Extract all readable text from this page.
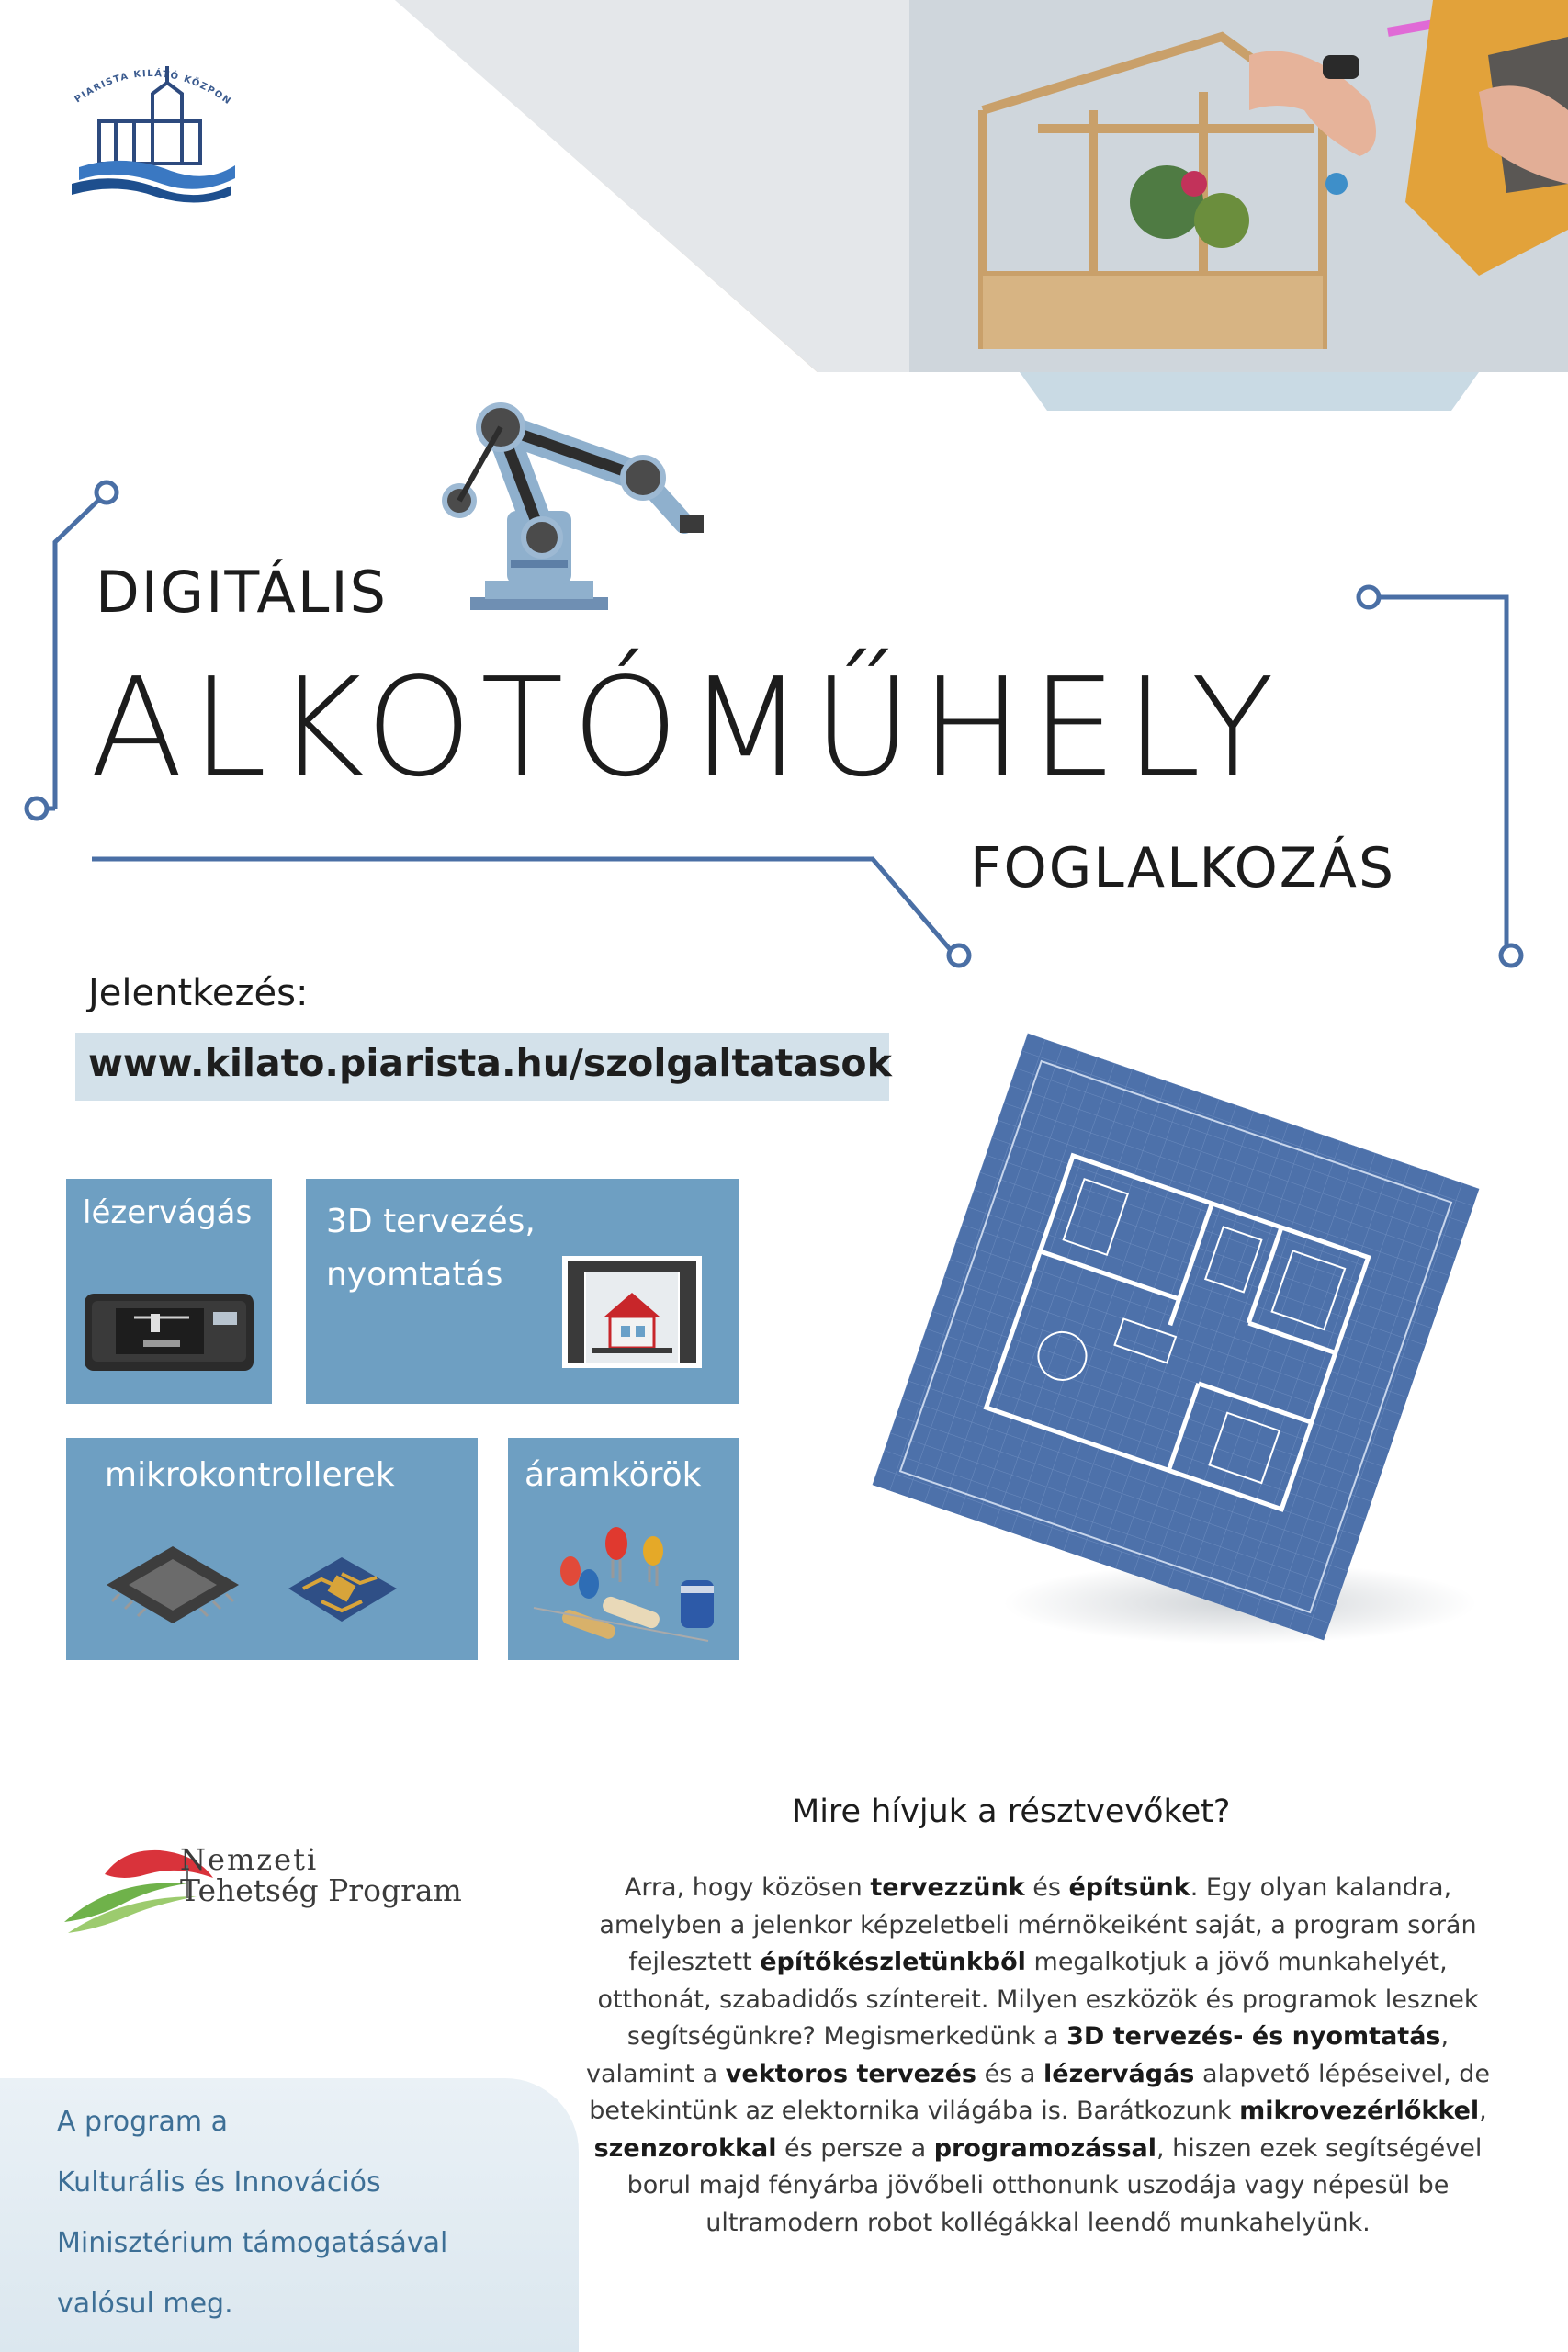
PIARISTA KILÁTÓ KÖZPON
DIGITÁLIS
ALKOTÓMŰHELY
FOGLALKOZÁS
Jelentkezés:
www.kilato.piarista.hu/szolgaltatasok
lézervágás 3D tervezés,
nyomtatás
mikrokontrollerek	áramkörök
Mire hívjuk a résztvevőket?
Arra, hogy közösen tervezzünk és építsünk. Egy olyan kalandra, amelyben a jelenkor képzeletbeli mérnökeiként saját, a program során fejlesztett építőkészletünkből megalkotjuk a jövő munkahelyét, otthonát, szabadidős színtereit. Milyen eszközök és programok lesznek segítségünkre? Megismerkedünk a 3D tervezés- és nyomtatás, valamint a vektoros tervezés és a lézervágás alapvető lépéseivel, de betekintünk az elektornika világába is. Barátkozunk mikrovezérlőkkel, szenzorokkal és persze a programozással, hiszen ezek segítségével borul majd fényárba jövőbeli otthonunk uszodája vagy népesül be ultramodern robot kollégákkal leendő munkahelyünk.
Nemzeti
Tehetség Program
A program a
Kulturális és Innovációs
Minisztérium támogatásával
valósul meg.
